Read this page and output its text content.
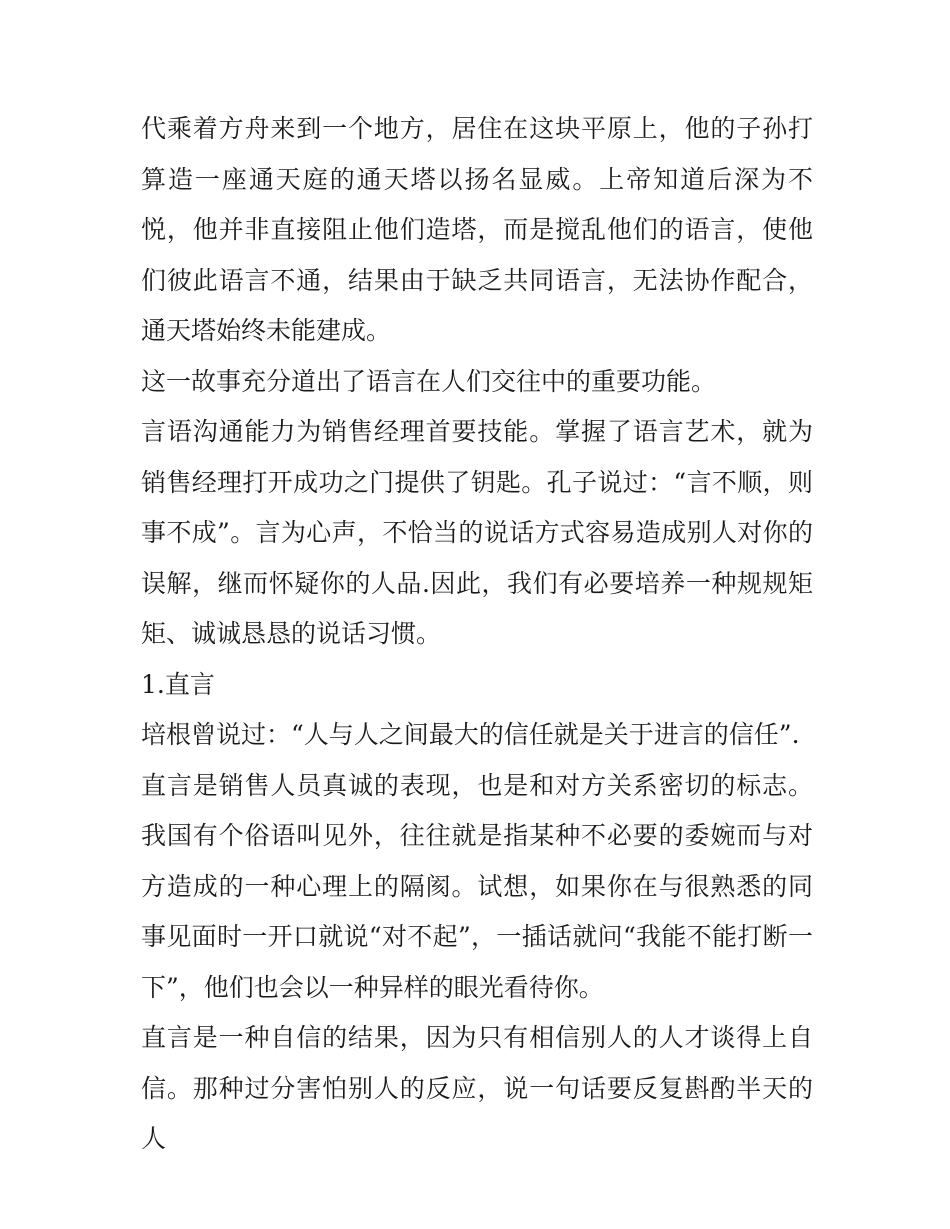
代乘着方舟来到一个地方，居住在这块平原上，他的子孙打算造一座通天庭的通天塔以扬名显威。上帝知道后深为不悦，他并非直接阻止他们造塔，而是搅乱他们的语言，使他们彼此语言不通，结果由于缺乏共同语言，无法协作配合，通天塔始终未能建成。

这一故事充分道出了语言在人们交往中的重要功能。

言语沟通能力为销售经理首要技能。掌握了语言艺术，就为销售经理打开成功之门提供了钥匙。孔子说过：“言不顺，则事不成”。言为心声，不恰当的说话方式容易造成别人对你的误解，继而怀疑你的人品.因此，我们有必要培养一种规规矩矩、诚诚恳恳的说话习惯。

1.直言

培根曾说过：“人与人之间最大的信任就是关于进言的信任”.

直言是销售人员真诚的表现，也是和对方关系密切的标志。我国有个俗语叫见外，往往就是指某种不必要的委婉而与对方造成的一种心理上的隔阂。试想，如果你在与很熟悉的同事见面时一开口就说“对不起”，一插话就问“我能不能打断一下”，他们也会以一种异样的眼光看待你。

直言是一种自信的结果，因为只有相信别人的人才谈得上自信。那种过分害怕别人的反应，说一句话要反复斟酌半天的人
